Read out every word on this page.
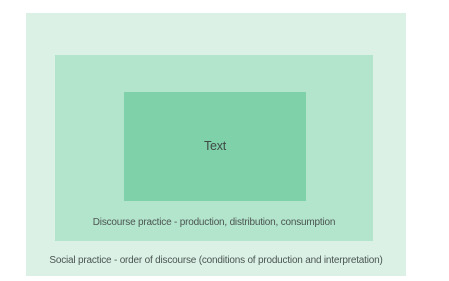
Text
Discourse practice - production, distribution, consumption
Social practice - order of discourse (conditions of production and interpretation)
